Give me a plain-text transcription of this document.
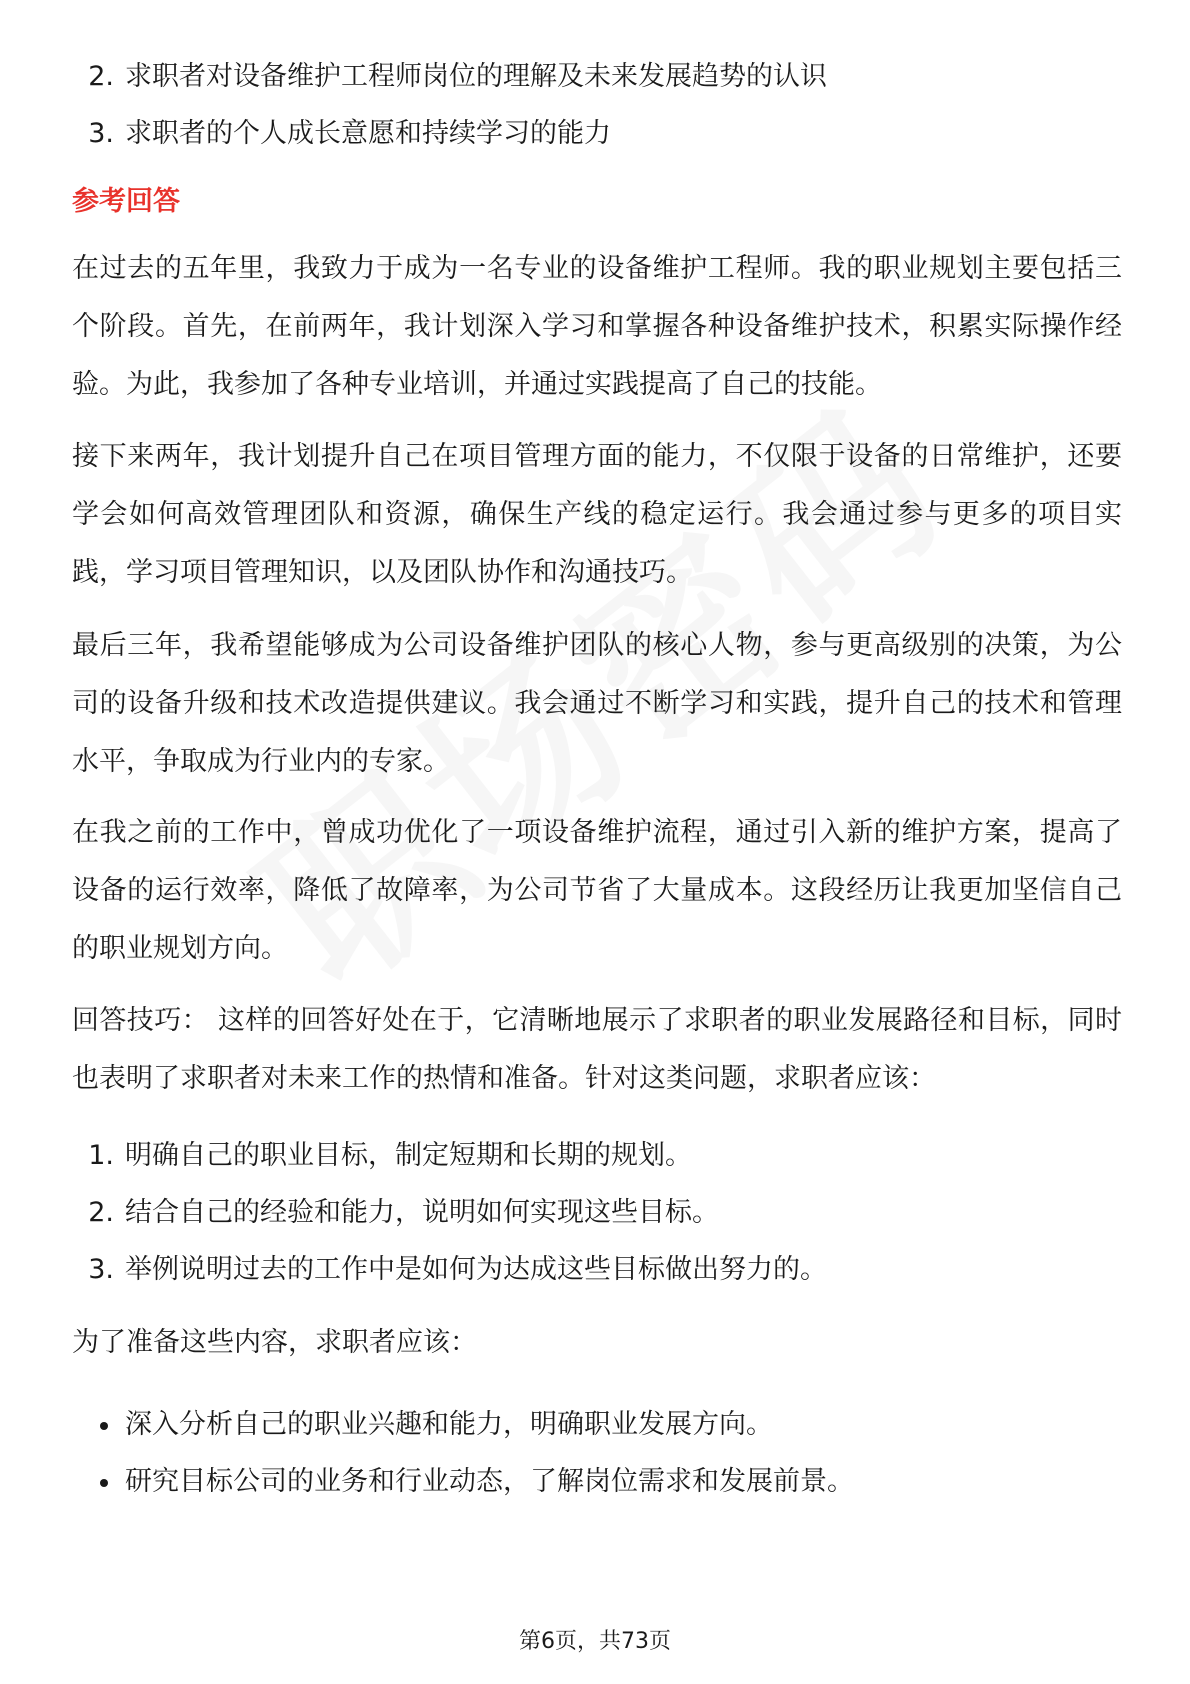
2. 求职者对设备维护工程师岗位的理解及未来发展趋势的认识
3. 求职者的个人成长意愿和持续学习的能力
参考回答
在过去的五年里，我致力于成为一名专业的设备维护工程师。我的职业规划主要包括三个阶段。首先，在前两年，我计划深入学习和掌握各种设备维护技术，积累实际操作经验。为此，我参加了各种专业培训，并通过实践提高了自己的技能。
接下来两年，我计划提升自己在项目管理方面的能力，不仅限于设备的日常维护，还要学会如何高效管理团队和资源，确保生产线的稳定运行。我会通过参与更多的项目实践，学习项目管理知识，以及团队协作和沟通技巧。
最后三年，我希望能够成为公司设备维护团队的核心人物，参与更高级别的决策，为公司的设备升级和技术改造提供建议。我会通过不断学习和实践，提升自己的技术和管理水平，争取成为行业内的专家。
在我之前的工作中，曾成功优化了一项设备维护流程，通过引入新的维护方案，提高了设备的运行效率，降低了故障率，为公司节省了大量成本。这段经历让我更加坚信自己的职业规划方向。
回答技巧： 这样的回答好处在于，它清晰地展示了求职者的职业发展路径和目标，同时也表明了求职者对未来工作的热情和准备。针对这类问题，求职者应该：
1. 明确自己的职业目标，制定短期和长期的规划。
2. 结合自己的经验和能力，说明如何实现这些目标。
3. 举例说明过去的工作中是如何为达成这些目标做出努力的。
为了准备这些内容，求职者应该：
深入分析自己的职业兴趣和能力，明确职业发展方向。
研究目标公司的业务和行业动态，了解岗位需求和发展前景。
第6页，共73页
